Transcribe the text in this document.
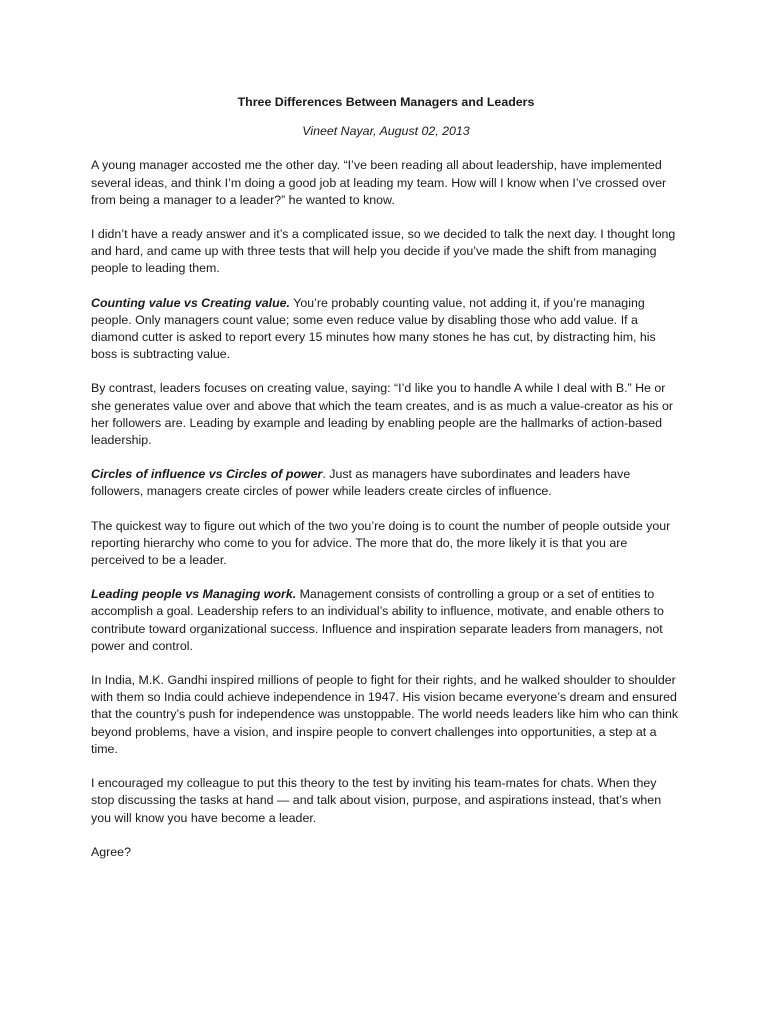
Three Differences Between Managers and Leaders
Vineet Nayar, August 02, 2013

A young manager accosted me the other day. “I’ve been reading all about leadership, have implemented several ideas, and think I’m doing a good job at leading my team. How will I know when I’ve crossed over from being a manager to a leader?” he wanted to know.

I didn’t have a ready answer and it’s a complicated issue, so we decided to talk the next day. I thought long and hard, and came up with three tests that will help you decide if you’ve made the shift from managing people to leading them.

Counting value vs Creating value. You’re probably counting value, not adding it, if you’re managing people. Only managers count value; some even reduce value by disabling those who add value. If a diamond cutter is asked to report every 15 minutes how many stones he has cut, by distracting him, his boss is subtracting value.

By contrast, leaders focuses on creating value, saying: “I’d like you to handle A while I deal with B.” He or she generates value over and above that which the team creates, and is as much a value-creator as his or her followers are. Leading by example and leading by enabling people are the hallmarks of action-based leadership.

Circles of influence vs Circles of power. Just as managers have subordinates and leaders have followers, managers create circles of power while leaders create circles of influence.

The quickest way to figure out which of the two you’re doing is to count the number of people outside your reporting hierarchy who come to you for advice. The more that do, the more likely it is that you are perceived to be a leader.

Leading people vs Managing work. Management consists of controlling a group or a set of entities to accomplish a goal. Leadership refers to an individual’s ability to influence, motivate, and enable others to contribute toward organizational success. Influence and inspiration separate leaders from managers, not power and control.

In India, M.K. Gandhi inspired millions of people to fight for their rights, and he walked shoulder to shoulder with them so India could achieve independence in 1947. His vision became everyone’s dream and ensured that the country’s push for independence was unstoppable. The world needs leaders like him who can think beyond problems, have a vision, and inspire people to convert challenges into opportunities, a step at a time.

I encouraged my colleague to put this theory to the test by inviting his team-mates for chats. When they stop discussing the tasks at hand — and talk about vision, purpose, and aspirations instead, that’s when you will know you have become a leader.

Agree?
